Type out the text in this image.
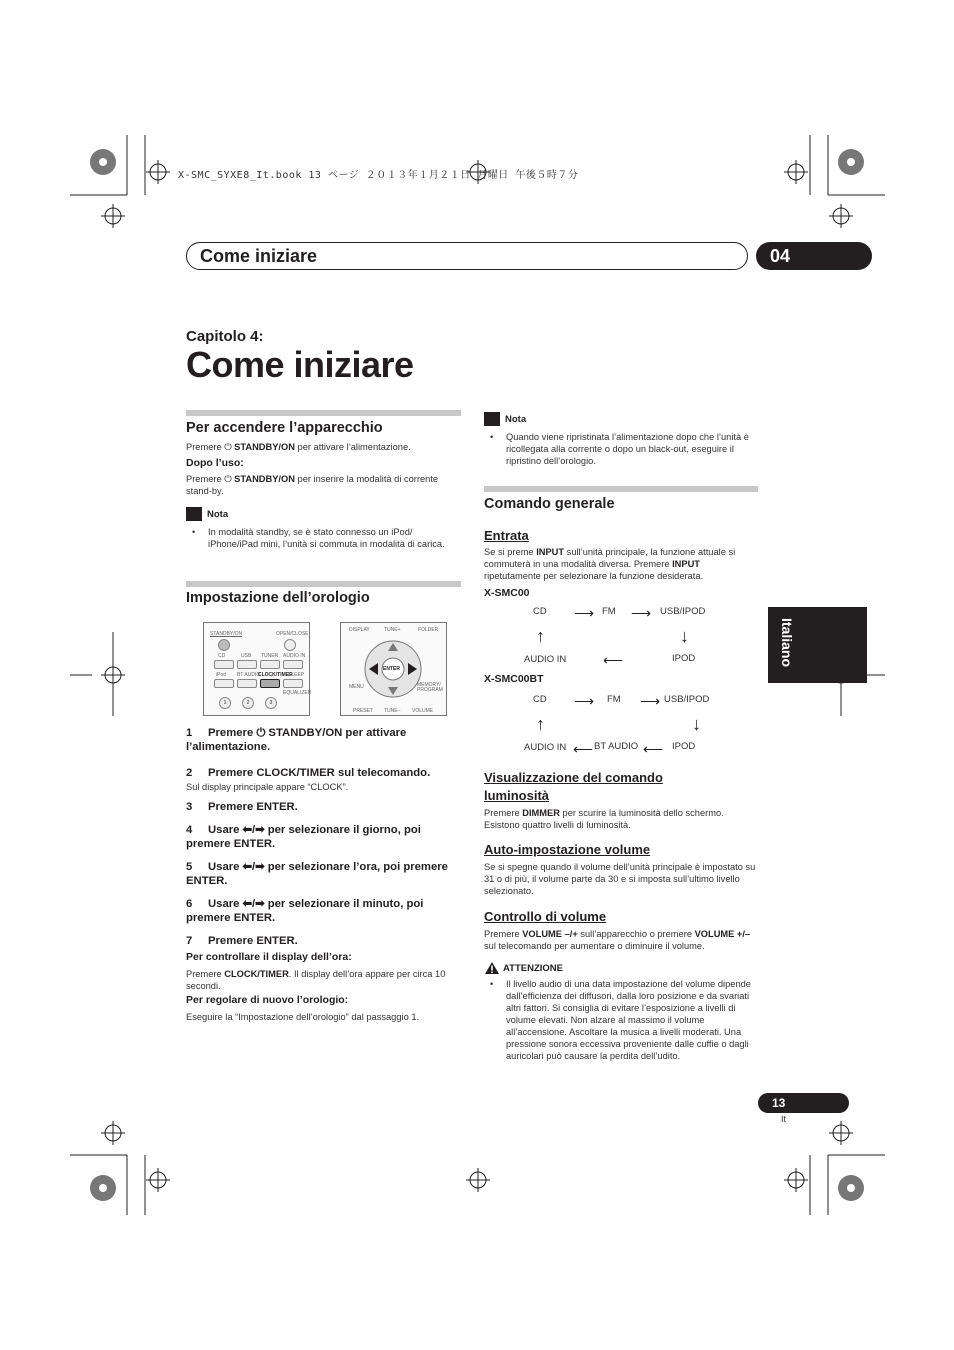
X-SMC_SYXE8_It.book 13 ページ ２０１３年１月２１日 月曜日 午後５時７分
Come iniziare	04
Capitolo 4:
Come iniziare
Per accendere l’apparecchio
Premere ⏻ STANDBY/ON per attivare l’alimentazione.
Dopo l’uso:
Premere ⏻ STANDBY/ON per inserire la modalità di corrente stand-by.
Nota
• In modalità standby, se è stato connesso un iPod/ iPhone/iPad mini, l’unità si commuta in modalità di carica.
Impostazione dell’orologio
STANDBY/ON	OPEN/CLOSE
CD	USB TUNER AUDIO IN
iPod BT AUDIO
CLOCK/TIMER
SLEEP
EQUALIZER
1	2	3
DISPLAY	TUNE+	FOLDER
ENTER
MENU	MEMORY/ PROGRAM
PRESET TUNE– VOLUME
1 Premere ⏻ STANDBY/ON per attivare l’alimentazione.
2 Premere CLOCK/TIMER sul telecomando.
Sul display principale appare “CLOCK”.
3 Premere ENTER.
4 Usare ⬅/➡ per selezionare il giorno, poi premere ENTER.
5 Usare ⬅/➡ per selezionare l’ora, poi premere ENTER.
6 Usare ⬅/➡ per selezionare il minuto, poi premere ENTER.
7 Premere ENTER.
Per controllare il display dell’ora:
Premere CLOCK/TIMER. Il display dell’ora appare per circa 10 secondi.
Per regolare di nuovo l’orologio:
Eseguire la “Impostazione dell’orologio” dal passaggio 1.
Nota
• Quando viene ripristinata l’alimentazione dopo che l’unità è ricollegata alla corrente o dopo un black-out, eseguire il ripristino dell’orologio.
Comando generale
Entrata
Se si preme INPUT sull’unità principale, la funzione attuale si commuterà in una modalità diversa. Premere INPUT ripetutamente per selezionare la funzione desiderata.
X-SMC00
CD ⟶ FM ⟶ USB/IPOD
↑	↓
AUDIO IN	⟵	IPOD
X-SMC00BT
CD ⟶ FM ⟶ USB/IPOD
↑	↓
AUDIO IN ⟵ BT AUDIO ⟵ IPOD
Visualizzazione del comando
luminosità
Premere DIMMER per scurire la luminosità dello schermo. Esistono quattro livelli di luminosità.
Auto-impostazione volume
Se si spegne quando il volume dell’unità principale è impostato su 31 o di più, il volume parte da 30 e si imposta sull’ultimo livello selezionato.
Controllo di volume
Premere VOLUME –/+ sull’apparecchio o premere VOLUME +/– sul telecomando per aumentare o diminuire il volume.
ATTENZIONE
• Il livello audio di una data impostazione del volume dipende dall’efficienza dei diffusori, dalla loro posizione e da svariati altri fattori. Si consiglia di evitare l’esposizione a livelli di volume elevati. Non alzare al massimo il volume all’accensione. Ascoltare la musica a livelli moderati. Una pressione sonora eccessiva proveniente dalle cuffie o dagli auricolari può causare la perdita dell’udito.
Italiano
13
It
